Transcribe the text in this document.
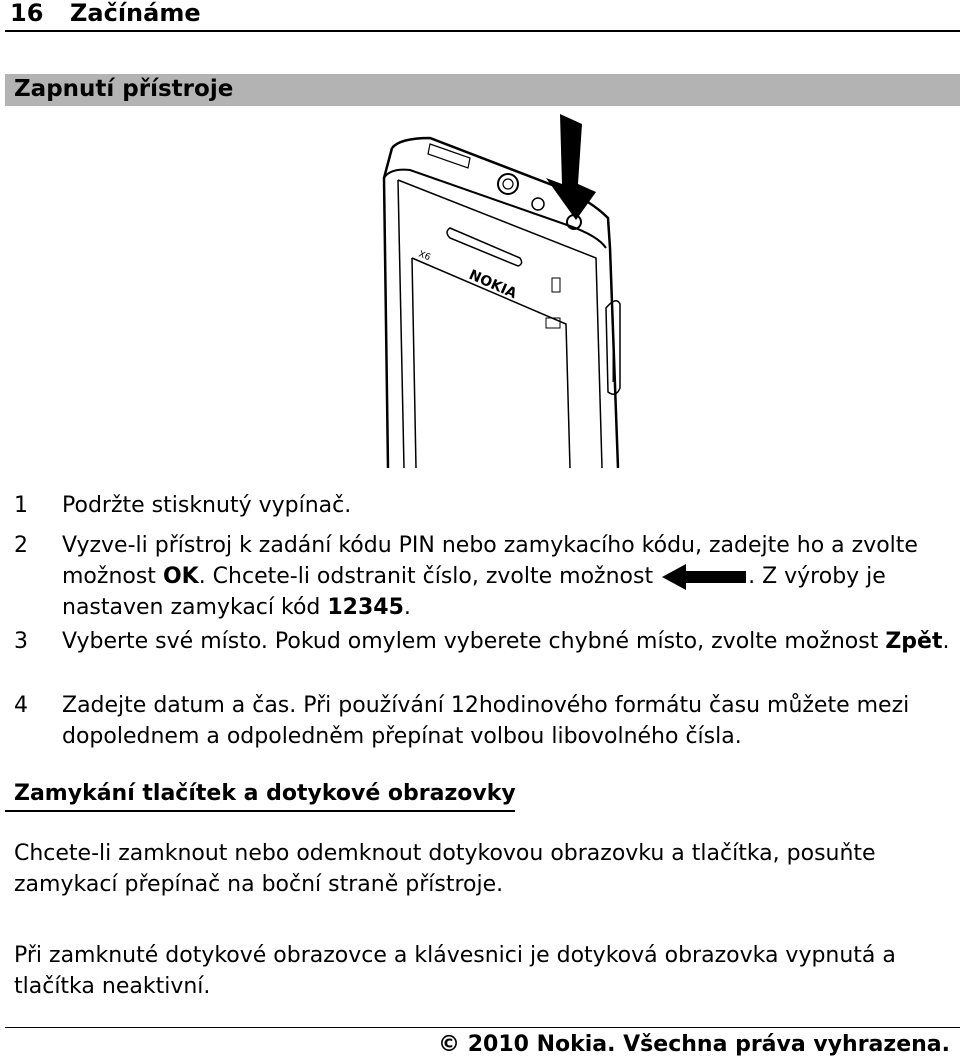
16 Začínáme
Zapnutí přístroje
X6
NOKIA
1	Podržte stisknutý vypínač.
2	Vyzve-li přístroj k zadání kódu PIN nebo zamykacího kódu, zadejte ho a zvolte možnost OK. Chcete-li odstranit číslo, zvolte možnost	. Z výroby je nastaven zamykací kód 12345.
3	Vyberte své místo. Pokud omylem vyberete chybné místo, zvolte možnost Zpět.
4	Zadejte datum a čas. Při používání 12hodinového formátu času můžete mezi dopolednem a odpoledněm přepínat volbou libovolného čísla.
Zamykání tlačítek a dotykové obrazovky
Chcete-li zamknout nebo odemknout dotykovou obrazovku a tlačítka, posuňte zamykací přepínač na boční straně přístroje.
Při zamknuté dotykové obrazovce a klávesnici je dotyková obrazovka vypnutá a tlačítka neaktivní.
© 2010 Nokia. Všechna práva vyhrazena.
